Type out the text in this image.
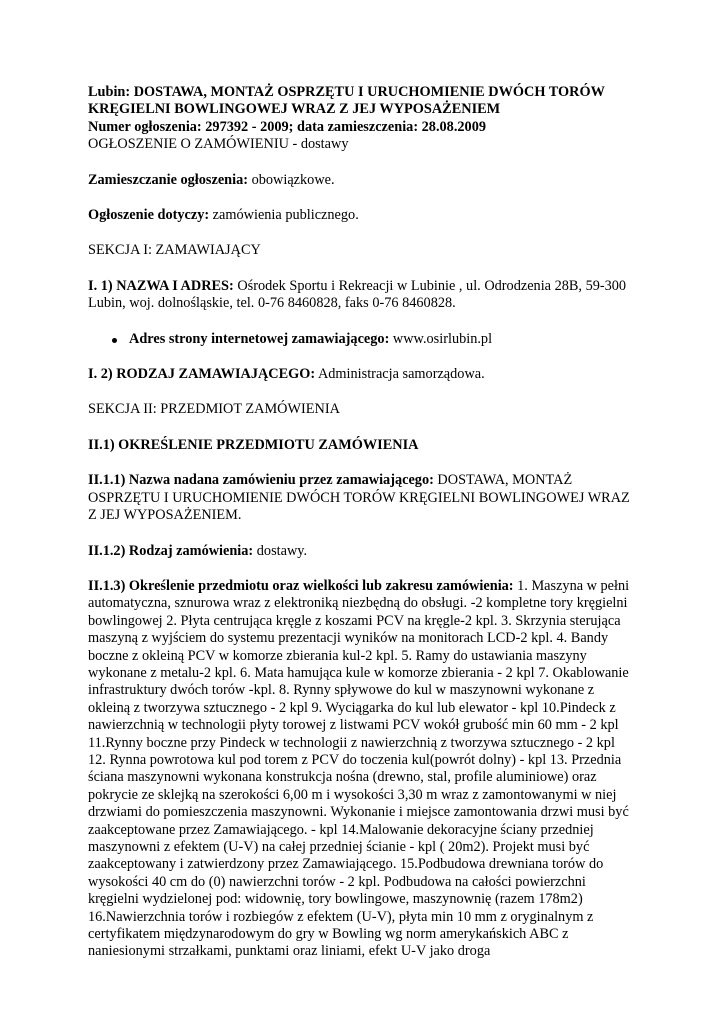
Lubin: DOSTAWA, MONTAŻ OSPRZĘTU I URUCHOMIENIE DWÓCH TORÓW
KRĘGIELNI BOWLINGOWEJ WRAZ Z JEJ WYPOSAŻENIEM
Numer ogłoszenia: 297392 - 2009; data zamieszczenia: 28.08.2009
OGŁOSZENIE O ZAMÓWIENIU - dostawy

Zamieszczanie ogłoszenia: obowiązkowe.

Ogłoszenie dotyczy: zamówienia publicznego.

SEKCJA I: ZAMAWIAJĄCY

I. 1) NAZWA I ADRES: Ośrodek Sportu i Rekreacji w Lubinie , ul. Odrodzenia 28B, 59-300 Lubin, woj. dolnośląskie, tel. 0-76 8460828, faks 0-76 8460828.

Adres strony internetowej zamawiającego: www.osirlubin.pl

I. 2) RODZAJ ZAMAWIAJĄCEGO: Administracja samorządowa.

SEKCJA II: PRZEDMIOT ZAMÓWIENIA

II.1) OKREŚLENIE PRZEDMIOTU ZAMÓWIENIA

II.1.1) Nazwa nadana zamówieniu przez zamawiającego: DOSTAWA, MONTAŻ OSPRZĘTU I URUCHOMIENIE DWÓCH TORÓW KRĘGIELNI BOWLINGOWEJ WRAZ Z JEJ WYPOSAŻENIEM.

II.1.2) Rodzaj zamówienia: dostawy.

II.1.3) Określenie przedmiotu oraz wielkości lub zakresu zamówienia: 1. Maszyna w pełni automatyczna, sznurowa wraz z elektroniką niezbędną do obsługi. -2 kompletne tory kręgielni bowlingowej 2. Płyta centrująca kręgle z koszami PCV na kręgle-2 kpl. 3. Skrzynia sterująca maszyną z wyjściem do systemu prezentacji wyników na monitorach LCD-2 kpl. 4. Bandy boczne z okleiną PCV w komorze zbierania kul-2 kpl. 5. Ramy do ustawiania maszyny wykonane z metalu-2 kpl. 6. Mata hamująca kule w komorze zbierania - 2 kpl 7. Okablowanie infrastruktury dwóch torów -kpl. 8. Rynny spływowe do kul w maszynowni wykonane z okleiną z tworzywa sztucznego - 2 kpl 9. Wyciągarka do kul lub elewator - kpl 10.Pindeck z nawierzchnią w technologii płyty torowej z listwami PCV wokół grubość min 60 mm - 2 kpl 11.Rynny boczne przy Pindeck w technologii z nawierzchnią z tworzywa sztucznego - 2 kpl 12. Rynna powrotowa kul pod torem z PCV do toczenia kul(powrót dolny) - kpl 13. Przednia ściana maszynowni wykonana konstrukcja nośna (drewno, stal, profile aluminiowe) oraz pokrycie ze sklejką na szerokości 6,00 m i wysokości 3,30 m wraz z zamontowanymi w niej drzwiami do pomieszczenia maszynowni. Wykonanie i miejsce zamontowania drzwi musi być zaakceptowane przez Zamawiającego. - kpl 14.Malowanie dekoracyjne ściany przedniej maszynowni z efektem (U-V) na całej przedniej ścianie - kpl ( 20m2). Projekt musi być zaakceptowany i zatwierdzony przez Zamawiającego. 15.Podbudowa drewniana torów do wysokości 40 cm do (0) nawierzchni torów - 2 kpl. Podbudowa na całości powierzchni kręgielni wydzielonej pod: widownię, tory bowlingowe, maszynownię (razem 178m2) 16.Nawierzchnia torów i rozbiegów z efektem (U-V), płyta min 10 mm z oryginalnym z certyfikatem międzynarodowym do gry w Bowling wg norm amerykańskich ABC z naniesionymi strzałkami, punktami oraz liniami, efekt U-V jako droga
